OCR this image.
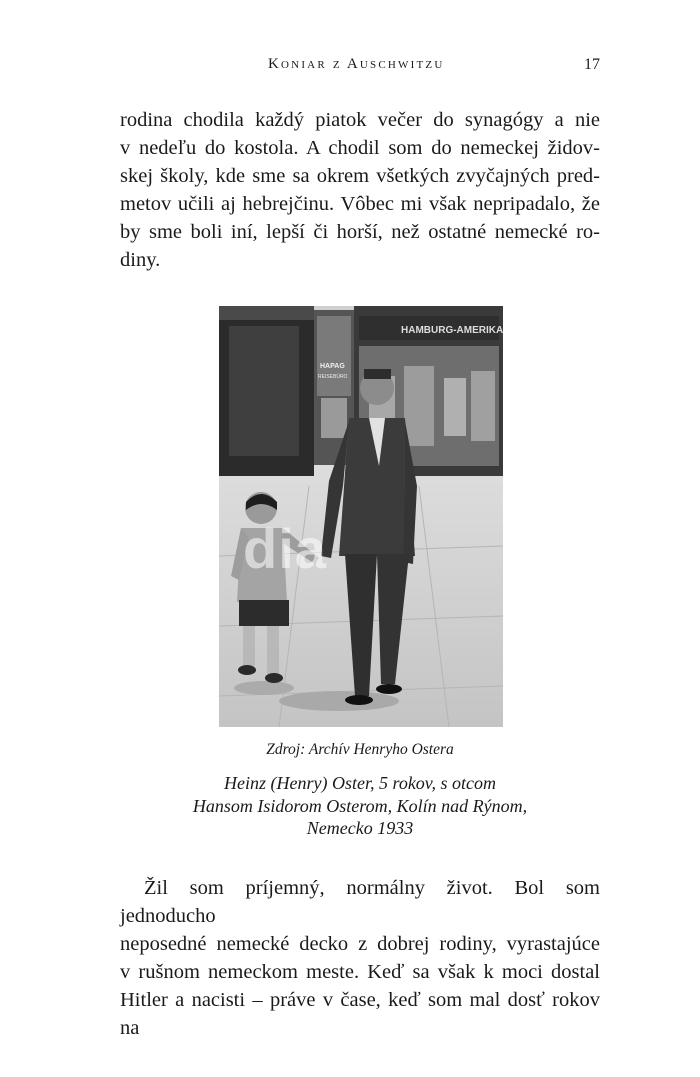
Koniar z Auschwitzu	17

rodina chodila každý piatok večer do synagógy a nie
v nedeľu do kostola. A chodil som do nemeckej židov-
skej školy, kde sme sa okrem všetkých zvyčajných pred-
metov učili aj hebrejčinu. Vôbec mi však nepripadalo, že
by sme boli iní, lepší či horší, než ostatné nemecké ro-
diny.

HAMBURG-AMERIKA
HAPAG
REISEBÜRO
dia
Zdroj: Archív Henryho Ostera
Heinz (Henry) Oster, 5 rokov, s otcom
Hansom Isidorom Osterom, Kolín nad Rýnom,
Nemecko 1933

Žil som príjemný, normálny život. Bol som jednoducho
neposedné nemecké decko z dobrej rodiny, vyrastajúce
v rušnom nemeckom meste. Keď sa však k moci dostal
Hitler a nacisti – práve v čase, keď som mal dosť rokov na
